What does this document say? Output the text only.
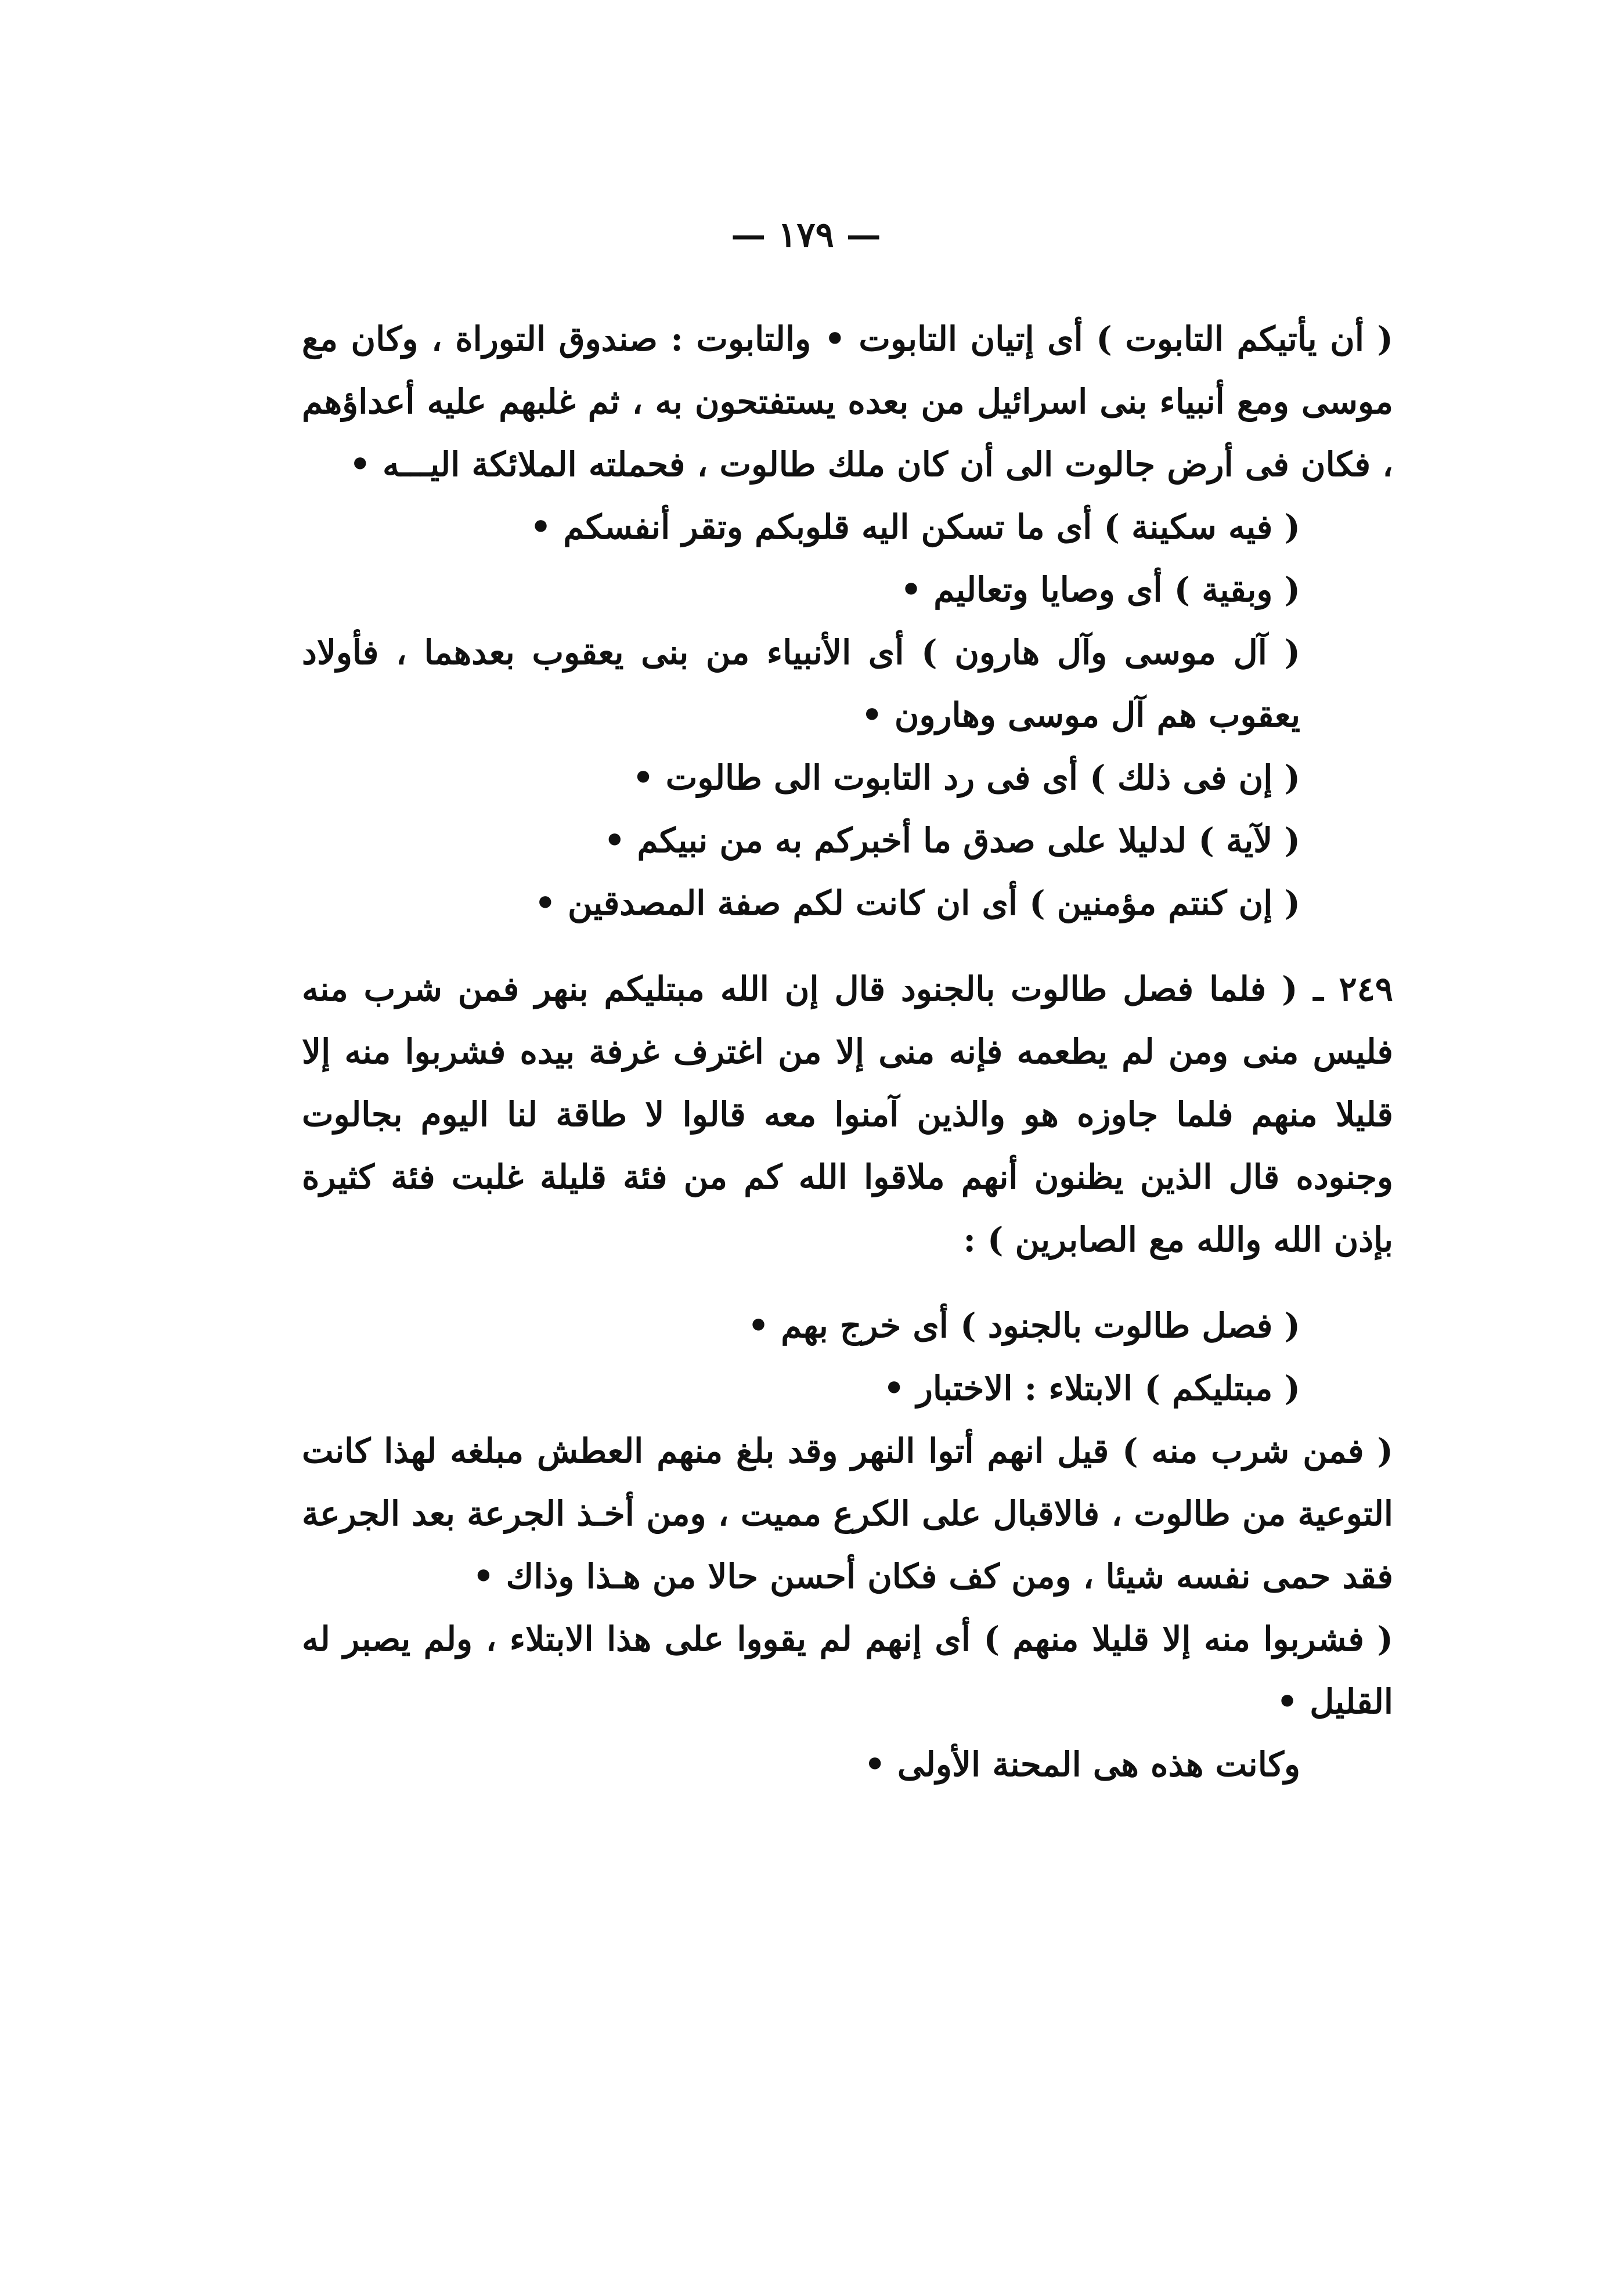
— ١٧٩ —

( أن يأتيكم التابوت ) أى إتيان التابوت • والتابوت : صندوق التوراة ، وكان مع موسى ومع أنبياء بنى اسرائيل من بعده يستفتحون به ، ثم غلبهم عليه أعداؤهم ، فكان فى أرض جالوت الى أن كان ملك طالوت ، فحملته الملائكة اليـــه •

( فيه سكينة ) أى ما تسكن اليه قلوبكم وتقر أنفسكم •

( وبقية ) أى وصايا وتعاليم •

( آل موسى وآل هارون ) أى الأنبياء من بنى يعقوب بعدهما ، فأولاد يعقوب هم آل موسى وهارون •

( إن فى ذلك ) أى فى رد التابوت الى طالوت •

( لآية ) لدليلا على صدق ما أخبركم به من نبيكم •

( إن كنتم مؤمنين ) أى ان كانت لكم صفة المصدقين •

٢٤٩ ـ ( فلما فصل طالوت بالجنود قال إن الله مبتليكم بنهر فمن شرب منه فليس منى ومن لم يطعمه فإنه منى إلا من اغترف غرفة بيده فشربوا منه إلا قليلا منهم فلما جاوزه هو والذين آمنوا معه قالوا لا طاقة لنا اليوم بجالوت وجنوده قال الذين يظنون أنهم ملاقوا الله كم من فئة قليلة غلبت فئة كثيرة بإذن الله والله مع الصابرين ) :

( فصل طالوت بالجنود ) أى خرج بهم •

( مبتليكم ) الابتلاء : الاختبار •

( فمن شرب منه ) قيل انهم أتوا النهر وقد بلغ منهم العطش مبلغه لهذا كانت التوعية من طالوت ، فالاقبال على الكرع مميت ، ومن أخـذ الجرعة بعد الجرعة فقد حمى نفسه شيئا ، ومن كف فكان أحسن حالا من هـذا وذاك •

( فشربوا منه إلا قليلا منهم ) أى إنهم لم يقووا على هذا الابتلاء ، ولم يصبر له القليل •

وكانت هذه هى المحنة الأولى •
